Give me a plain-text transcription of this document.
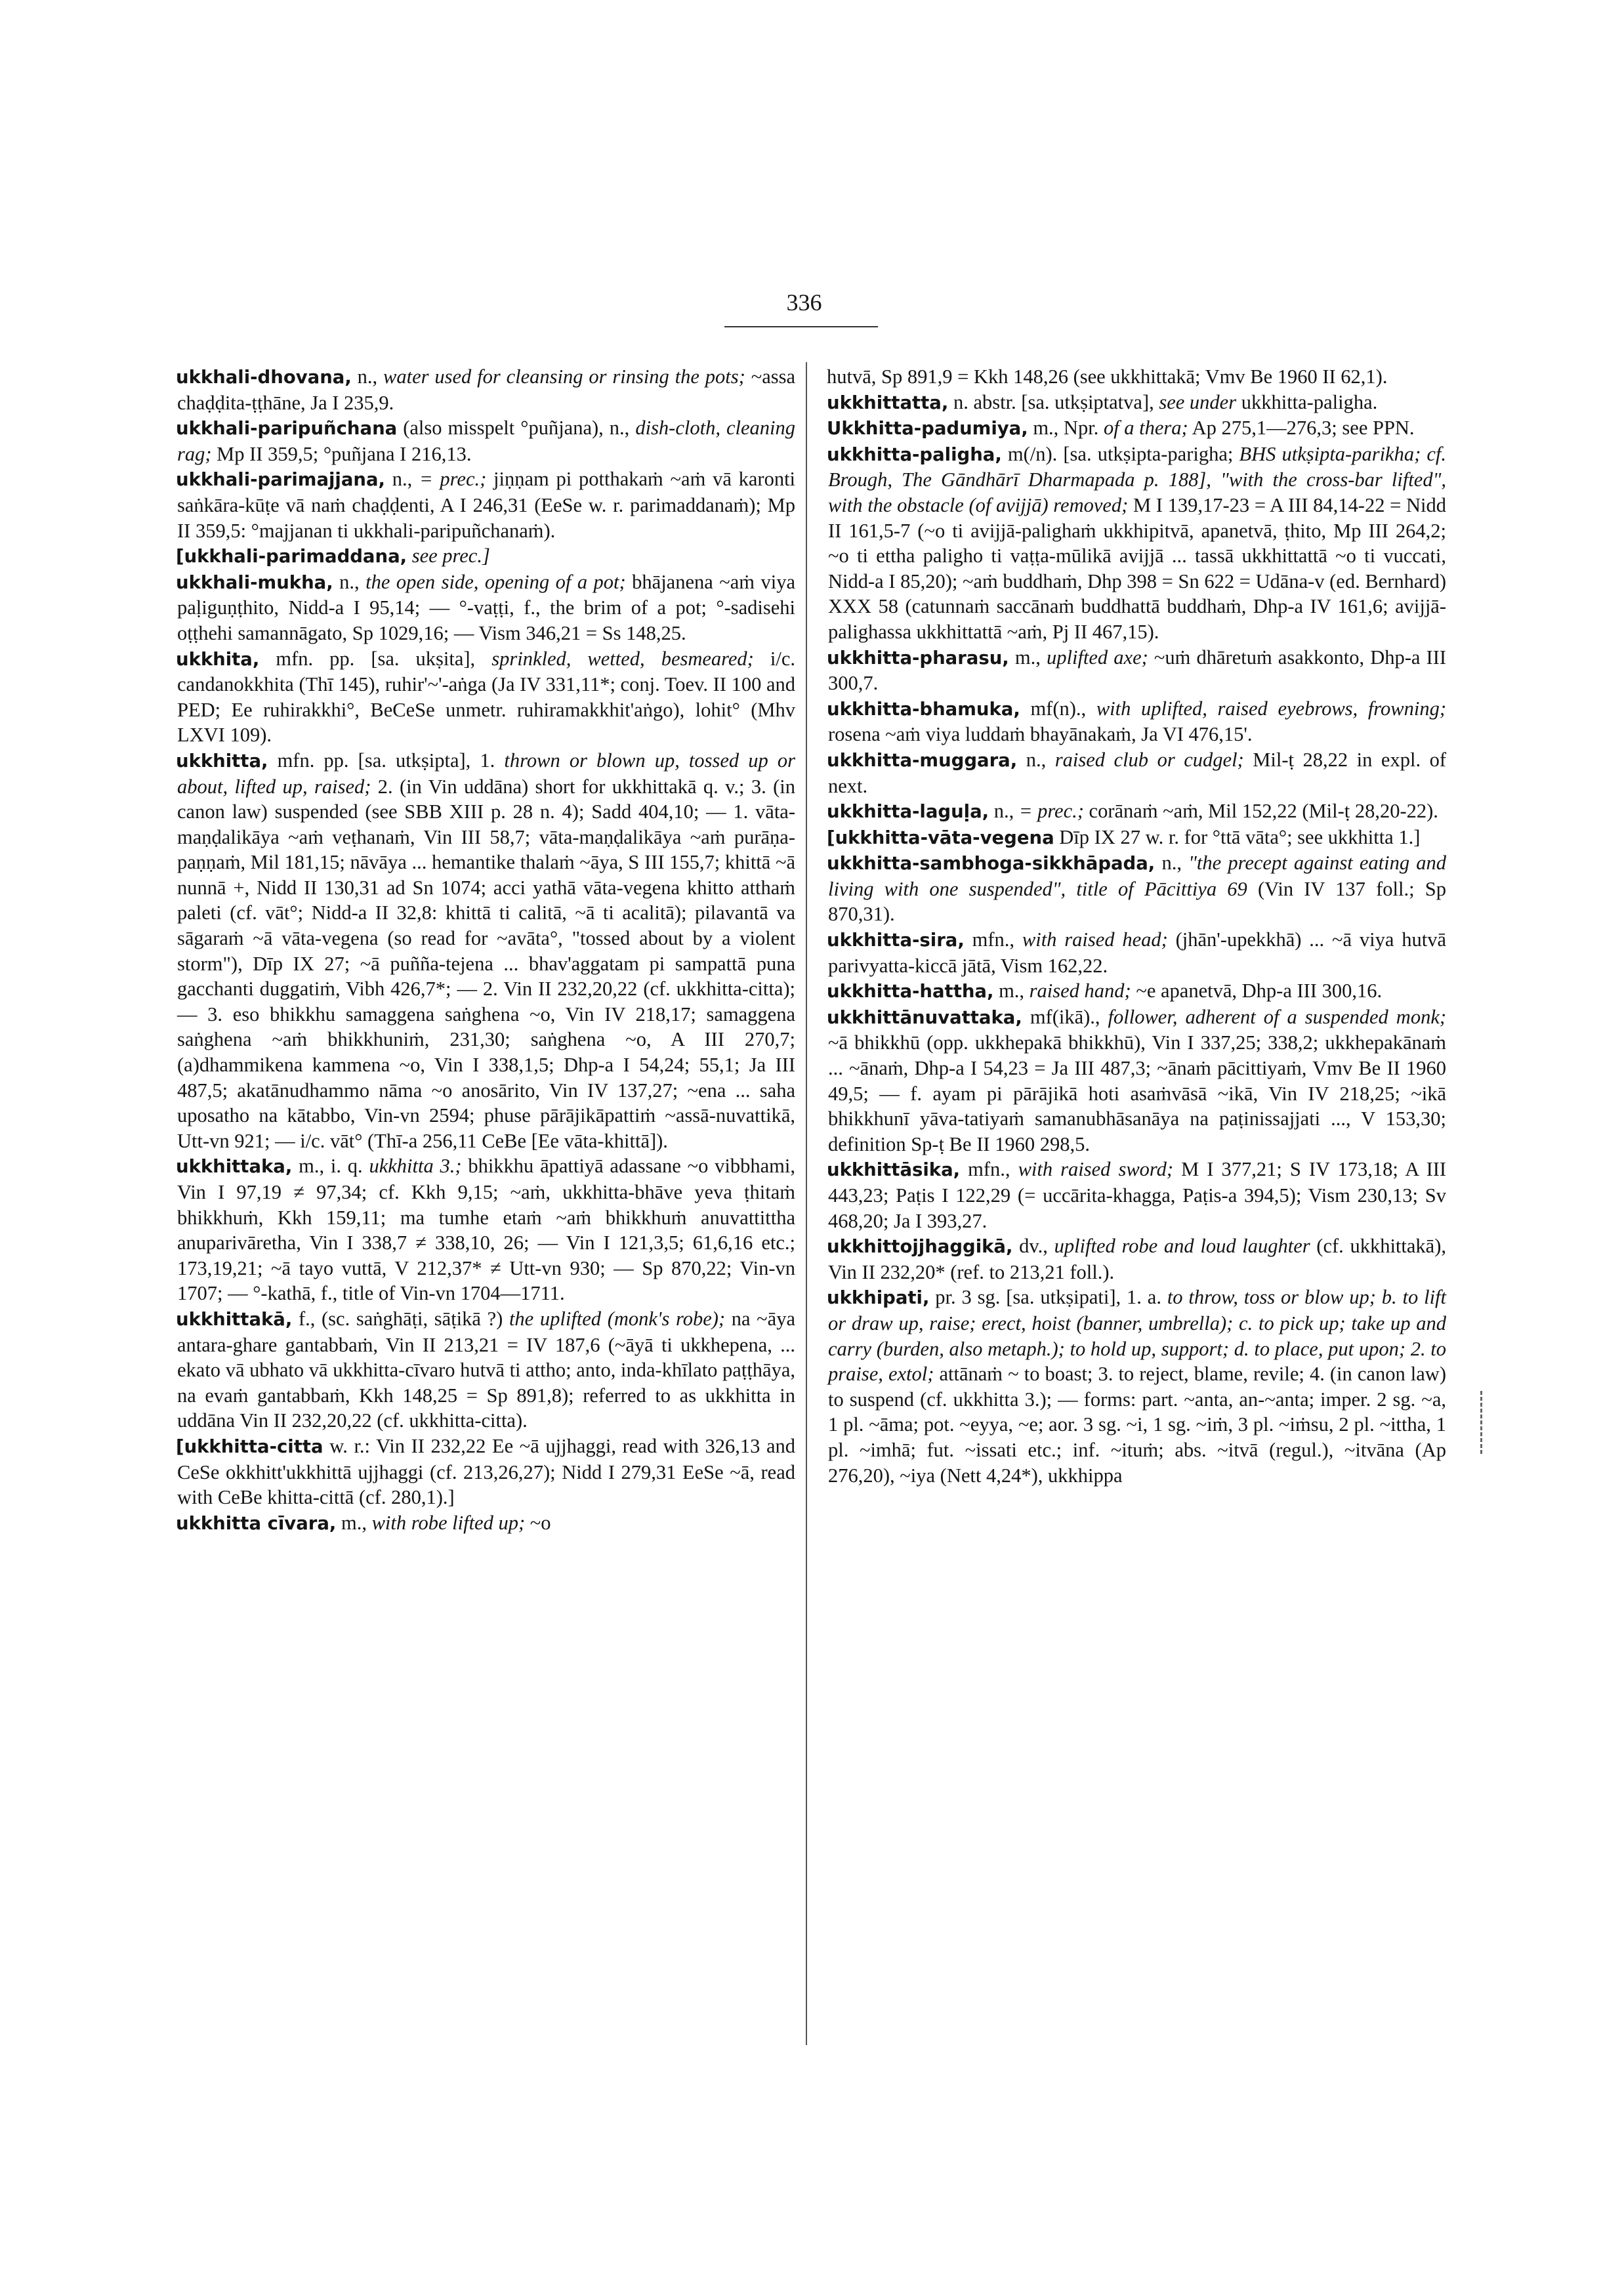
336

ukkhali-dhovana, n., water used for cleansing or rinsing the pots; ~assa chaḍḍita-ṭṭhāne, Ja I 235,9.

ukkhali-paripuñchana (also misspelt °puñjana), n., dish-cloth, cleaning rag; Mp II 359,5; °puñjana I 216,13.

ukkhali-parimajjana, n., = prec.; jiṇṇam pi potthakaṁ ~aṁ vā karonti saṅkāra-kūṭe vā naṁ chaḍḍenti, A I 246,31 (EeSe w. r. parimaddanaṁ); Mp II 359,5: °majjanan ti ukkhali-paripuñchanaṁ).

[ukkhali-parimaddana, see prec.]

ukkhali-mukha, n., the open side, opening of a pot; bhājanena ~aṁ viya paḷiguṇṭhito, Nidd-a I 95,14; — °-vaṭṭi, f., the brim of a pot; °-sadisehi oṭṭhehi samannāgato, Sp 1029,16; — Vism 346,21 = Ss 148,25.

ukkhita, mfn. pp. [sa. ukṣita], sprinkled, wetted, besmeared; i/c. candanokkhita (Thī 145), ruhir'~'-aṅga (Ja IV 331,11*; conj. Toev. II 100 and PED; Ee ruhirakkhi°, BeCeSe unmetr. ruhiramakkhit'aṅgo), lohit° (Mhv LXVI 109).

ukkhitta, mfn. pp. [sa. utkṣipta], 1. thrown or blown up, tossed up or about, lifted up, raised; 2. (in Vin uddāna) short for ukkhittakā q. v.; 3. (in canon law) suspended (see SBB XIII p. 28 n. 4); Sadd 404,10; — 1. vāta-maṇḍalikāya ~aṁ veṭhanaṁ, Vin III 58,7; vāta-maṇḍalikāya ~aṁ purāṇa-paṇṇaṁ, Mil 181,15; nāvāya ... hemantike thalaṁ ~āya, S III 155,7; khittā ~ā nunnā +, Nidd II 130,31 ad Sn 1074; acci yathā vāta-vegena khitto atthaṁ paleti (cf. vāt°; Nidd-a II 32,8: khittā ti calitā, ~ā ti acalitā); pilavantā va sāgaraṁ ~ā vāta-vegena (so read for ~avāta°, "tossed about by a violent storm"), Dīp IX 27; ~ā puñña-tejena ... bhav'aggatam pi sampattā puna gacchanti duggatiṁ, Vibh 426,7*; — 2. Vin II 232,20,22 (cf. ukkhitta-citta); — 3. eso bhikkhu samaggena saṅghena ~o, Vin IV 218,17; samaggena saṅghena ~aṁ bhikkhuniṁ, 231,30; saṅghena ~o, A III 270,7; (a)dhammikena kammena ~o, Vin I 338,1,5; Dhp-a I 54,24; 55,1; Ja III 487,5; akatānudhammo nāma ~o anosārito, Vin IV 137,27; ~ena ... saha uposatho na kātabbo, Vin-vn 2594; phuse pārājikāpattiṁ ~assā-nuvattikā, Utt-vn 921; — i/c. vāt° (Thī-a 256,11 CeBe [Ee vāta-khittā]).

ukkhittaka, m., i. q. ukkhitta 3.; bhikkhu āpattiyā adassane ~o vibbhami, Vin I 97,19 ≠ 97,34; cf. Kkh 9,15; ~aṁ, ukkhitta-bhāve yeva ṭhitaṁ bhikkhuṁ, Kkh 159,11; ma tumhe etaṁ ~aṁ bhikkhuṁ anuvattittha anuparivāretha, Vin I 338,7 ≠ 338,10, 26; — Vin I 121,3,5; 61,6,16 etc.; 173,19,21; ~ā tayo vuttā, V 212,37* ≠ Utt-vn 930; — Sp 870,22; Vin-vn 1707; — °-kathā, f., title of Vin-vn 1704—1711.

ukkhittakā, f., (sc. saṅghāṭi, sāṭikā ?) the uplifted (monk's robe); na ~āya antara-ghare gantabbaṁ, Vin II 213,21 = IV 187,6 (~āyā ti ukkhepena, ... ekato vā ubhato vā ukkhitta-cīvaro hutvā ti attho; anto, inda-khīlato paṭṭhāya, na evaṁ gantabbaṁ, Kkh 148,25 = Sp 891,8); referred to as ukkhitta in uddāna Vin II 232,20,22 (cf. ukkhitta-citta).

[ukkhitta-citta w. r.: Vin II 232,22 Ee ~ā ujjhaggi, read with 326,13 and CeSe okkhitt'ukkhittā ujjhaggi (cf. 213,26,27); Nidd I 279,31 EeSe ~ā, read with CeBe khitta-cittā (cf. 280,1).]

ukkhitta cīvara, m., with robe lifted up; ~o

hutvā, Sp 891,9 = Kkh 148,26 (see ukkhittakā; Vmv Be 1960 II 62,1).

ukkhittatta, n. abstr. [sa. utkṣiptatva], see under ukkhitta-paligha.

Ukkhitta-padumiya, m., Npr. of a thera; Ap 275,1—276,3; see PPN.

ukkhitta-paligha, m(/n). [sa. utkṣipta-parigha; BHS utkṣipta-parikha; cf. Brough, The Gāndhārī Dharmapada p. 188], "with the cross-bar lifted", with the obstacle (of avijjā) removed; M I 139,17-23 = A III 84,14-22 = Nidd II 161,5-7 (~o ti avijjā-palighaṁ ukkhipitvā, apanetvā, ṭhito, Mp III 264,2; ~o ti ettha paligho ti vaṭṭa-mūlikā avijjā ... tassā ukkhittattā ~o ti vuccati, Nidd-a I 85,20); ~aṁ buddhaṁ, Dhp 398 = Sn 622 = Udāna-v (ed. Bernhard) XXX 58 (catunnaṁ saccānaṁ buddhattā buddhaṁ, Dhp-a IV 161,6; avijjā-palighassa ukkhittattā ~aṁ, Pj II 467,15).

ukkhitta-pharasu, m., uplifted axe; ~uṁ dhāretuṁ asakkonto, Dhp-a III 300,7.

ukkhitta-bhamuka, mf(n)., with uplifted, raised eyebrows, frowning; rosena ~aṁ viya luddaṁ bhayānakaṁ, Ja VI 476,15'.

ukkhitta-muggara, n., raised club or cudgel; Mil-ṭ 28,22 in expl. of next.

ukkhitta-laguḷa, n., = prec.; corānaṁ ~aṁ, Mil 152,22 (Mil-ṭ 28,20-22).

[ukkhitta-vāta-vegena Dīp IX 27 w. r. for °ttā vāta°; see ukkhitta 1.]

ukkhitta-sambhoga-sikkhāpada, n., "the precept against eating and living with one suspended", title of Pācittiya 69 (Vin IV 137 foll.; Sp 870,31).

ukkhitta-sira, mfn., with raised head; (jhān'-upekkhā) ... ~ā viya hutvā parivyatta-kiccā jātā, Vism 162,22.

ukkhitta-hattha, m., raised hand; ~e apanetvā, Dhp-a III 300,16.

ukkhittānuvattaka, mf(ikā)., follower, adherent of a suspended monk; ~ā bhikkhū (opp. ukkhepakā bhikkhū), Vin I 337,25; 338,2; ukkhepakānaṁ ... ~ānaṁ, Dhp-a I 54,23 = Ja III 487,3; ~ānaṁ pācittiyaṁ, Vmv Be II 1960 49,5; — f. ayam pi pārājikā hoti asaṁvāsā ~ikā, Vin IV 218,25; ~ikā bhikkhunī yāva-tatiyaṁ samanubhāsanāya na paṭinissajjati ..., V 153,30; definition Sp-ṭ Be II 1960 298,5.

ukkhittāsika, mfn., with raised sword; M I 377,21; S IV 173,18; A III 443,23; Paṭis I 122,29 (= uccārita-khagga, Paṭis-a 394,5); Vism 230,13; Sv 468,20; Ja I 393,27.

ukkhittojjhaggikā, dv., uplifted robe and loud laughter (cf. ukkhittakā), Vin II 232,20* (ref. to 213,21 foll.).

ukkhipati, pr. 3 sg. [sa. utkṣipati], 1. a. to throw, toss or blow up; b. to lift or draw up, raise; erect, hoist (banner, umbrella); c. to pick up; take up and carry (burden, also metaph.); to hold up, support; d. to place, put upon; 2. to praise, extol; attānaṁ ~ to boast; 3. to reject, blame, revile; 4. (in canon law) to suspend (cf. ukkhitta 3.); — forms: part. ~anta, an-~anta; imper. 2 sg. ~a, 1 pl. ~āma; pot. ~eyya, ~e; aor. 3 sg. ~i, 1 sg. ~iṁ, 3 pl. ~iṁsu, 2 pl. ~ittha, 1 pl. ~imhā; fut. ~issati etc.; inf. ~ituṁ; abs. ~itvā (regul.), ~itvāna (Ap 276,20), ~iya (Nett 4,24*), ukkhippa
